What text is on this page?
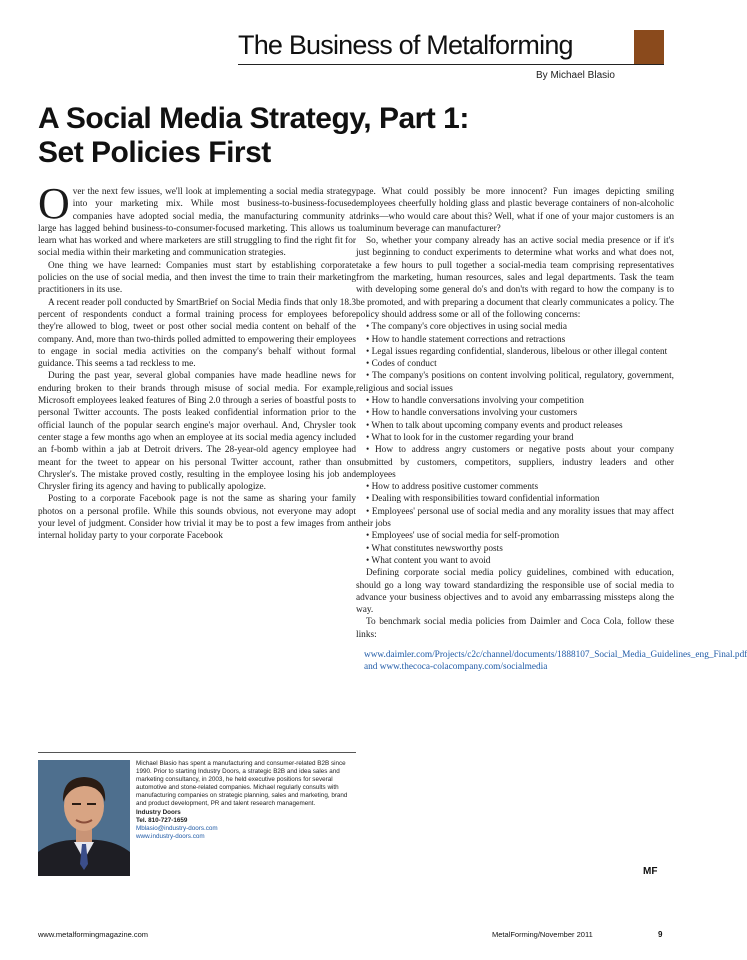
The Business of Metalforming
By Michael Blasio
A Social Media Strategy, Part 1:
Set Policies First

Over the next few issues, we'll look at implementing a social media strategy into your marketing mix. While most business-to-business-focused companies have adopted social media, the manufacturing community at large has lagged behind business-to-consumer-focused marketing. This allows us to learn what has worked and where marketers are still struggling to find the right fit for social media within their marketing and communication strategies.

One thing we have learned: Companies must start by establishing corporate policies on the use of social media, and then invest the time to train their marketing practitioners in its use.

A recent reader poll conducted by SmartBrief on Social Media finds that only 18.3 percent of respondents conduct a formal training process for employees before they're allowed to blog, tweet or post other social media content on behalf of the company. And, more than two-thirds polled admitted to empowering their employees to engage in social media activities on the company's behalf without formal guidance. This seems a tad reckless to me.

During the past year, several global companies have made headline news for enduring broken to their brands through misuse of social media. For example, Microsoft employees leaked features of Bing 2.0 through a series of boastful posts to personal Twitter accounts. The posts leaked confidential information prior to the official launch of the popular search engine's major overhaul. And, Chrysler took center stage a few months ago when an employee at its social media agency included an f-bomb within a jab at Detroit drivers. The 28-year-old agency employee had meant for the tweet to appear on his personal Twitter account, rather than on Chrysler's. The mistake proved costly, resulting in the employee losing his job and Chrysler firing its agency and having to publically apologize.

Posting to a corporate Facebook page is not the same as sharing your family photos on a personal profile. While this sounds obvious, not everyone may adopt your level of judgment. Consider how trivial it may be to post a few images from an internal holiday party to your corporate Facebook

page. What could possibly be more innocent? Fun images depicting smiling employees cheerfully holding glass and plastic beverage containers of non-alcoholic drinks—who would care about this? Well, what if one of your major customers is an aluminum beverage can manufacturer?

So, whether your company already has an active social media presence or if it's just beginning to conduct experiments to determine what works and what does not, take a few hours to pull together a social-media team comprising representatives from the marketing, human resources, sales and legal departments. Task the team with developing some general do's and don'ts with regard to how the company is to be promoted, and with preparing a document that clearly communicates a policy. The policy should address some or all of the following concerns:

• The company's core objectives in using social media
• How to handle statement corrections and retractions
• Legal issues regarding confidential, slanderous, libelous or other illegal content
• Codes of conduct
• The company's positions on content involving political, regulatory, government, religious and social issues
• How to handle conversations involving your competition
• How to handle conversations involving your customers
• When to talk about upcoming company events and product releases
• What to look for in the customer regarding your brand
• How to address angry customers or negative posts about your company submitted by customers, competitors, suppliers, industry leaders and other employees
• How to address positive customer comments
• Dealing with responsibilities toward confidential information
• Employees' personal use of social media and any morality issues that may affect their jobs
• Employees' use of social media for self-promotion
• What constitutes newsworthy posts
• What content you want to avoid

Defining corporate social media policy guidelines, combined with education, should go a long way toward standardizing the responsible use of social media to advance your business objectives and to avoid any embarrassing missteps along the way.

To benchmark social media policies from Daimler and Coca Cola, follow these links:

www.daimler.com/Projects/c2c/channel/documents/1888107_Social_Media_Guidelines_eng_Final.pdf and www.thecoca-colacompany.com/socialmedia
MF
Michael Blasio has spent a manufacturing and consumer-related B2B since 1990. Prior to starting Industry Doors, a strategic B2B and idea sales and marketing consultancy, in 2003, he held executive positions for several automotive and stone-related companies. Michael regularly consults with manufacturing companies on strategic planning, sales and marketing, brand and product development, PR and talent research management.
Industry Doors
Tel. 810-727-1659
Mblasio@industry-doors.com
www.industry-doors.com
www.metalformingmagazine.com	MetalForming/November 2011	9
